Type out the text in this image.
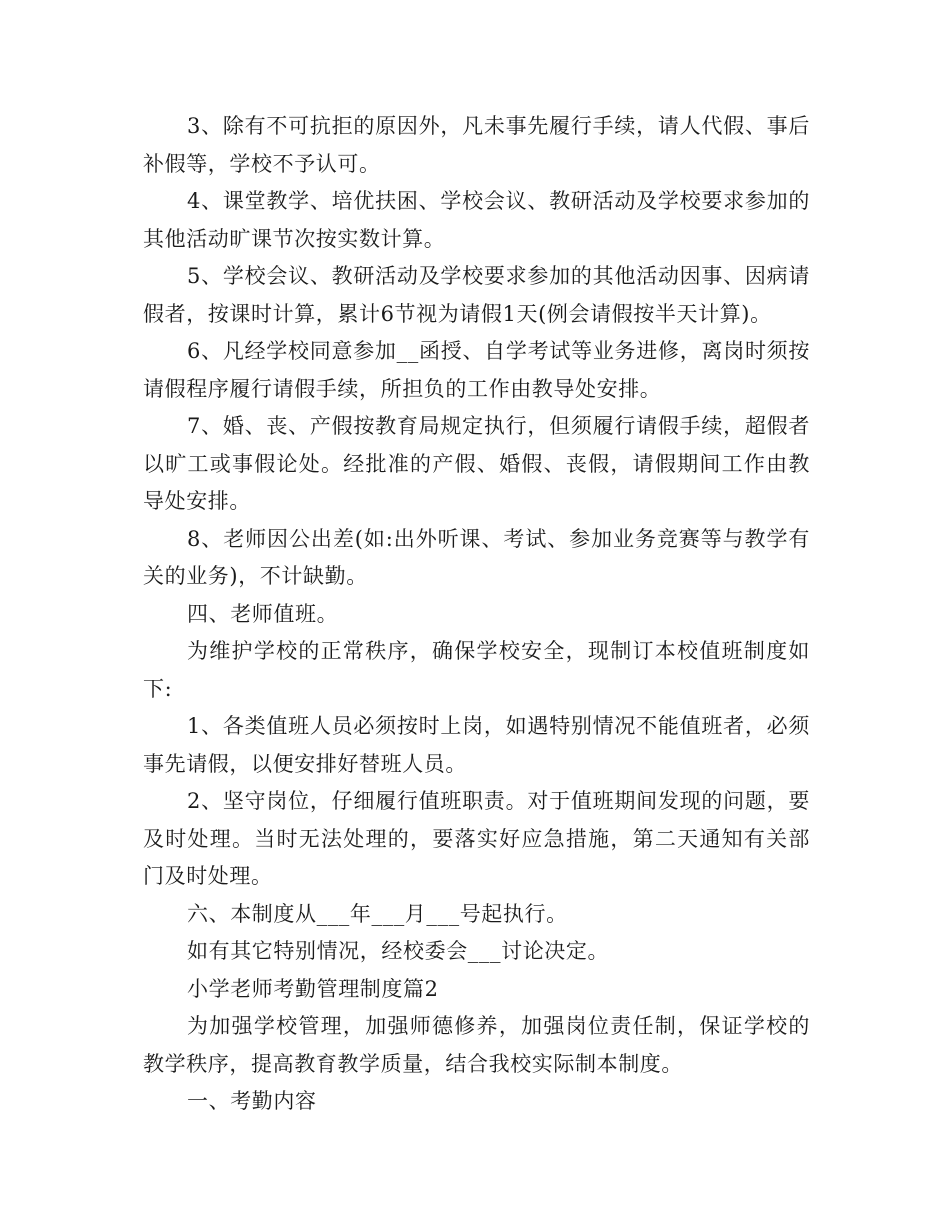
3、除有不可抗拒的原因外，凡未事先履行手续，请人代假、事后补假等，学校不予认可。

4、课堂教学、培优扶困、学校会议、教研活动及学校要求参加的其他活动旷课节次按实数计算。

5、学校会议、教研活动及学校要求参加的其他活动因事、因病请假者，按课时计算，累计6节视为请假1天(例会请假按半天计算)。

6、凡经学校同意参加__函授、自学考试等业务进修，离岗时须按请假程序履行请假手续，所担负的工作由教导处安排。

7、婚、丧、产假按教育局规定执行，但须履行请假手续，超假者以旷工或事假论处。经批准的产假、婚假、丧假，请假期间工作由教导处安排。

8、老师因公出差(如:出外听课、考试、参加业务竞赛等与教学有关的业务)，不计缺勤。

四、老师值班。

为维护学校的正常秩序，确保学校安全，现制订本校值班制度如下:

1、各类值班人员必须按时上岗，如遇特别情况不能值班者，必须事先请假，以便安排好替班人员。

2、坚守岗位，仔细履行值班职责。对于值班期间发现的问题，要及时处理。当时无法处理的，要落实好应急措施，第二天通知有关部门及时处理。

六、本制度从___年___月___号起执行。

如有其它特别情况，经校委会___讨论决定。

小学老师考勤管理制度篇2

为加强学校管理，加强师德修养，加强岗位责任制，保证学校的教学秩序，提高教育教学质量，结合我校实际制本制度。

一、考勤内容
